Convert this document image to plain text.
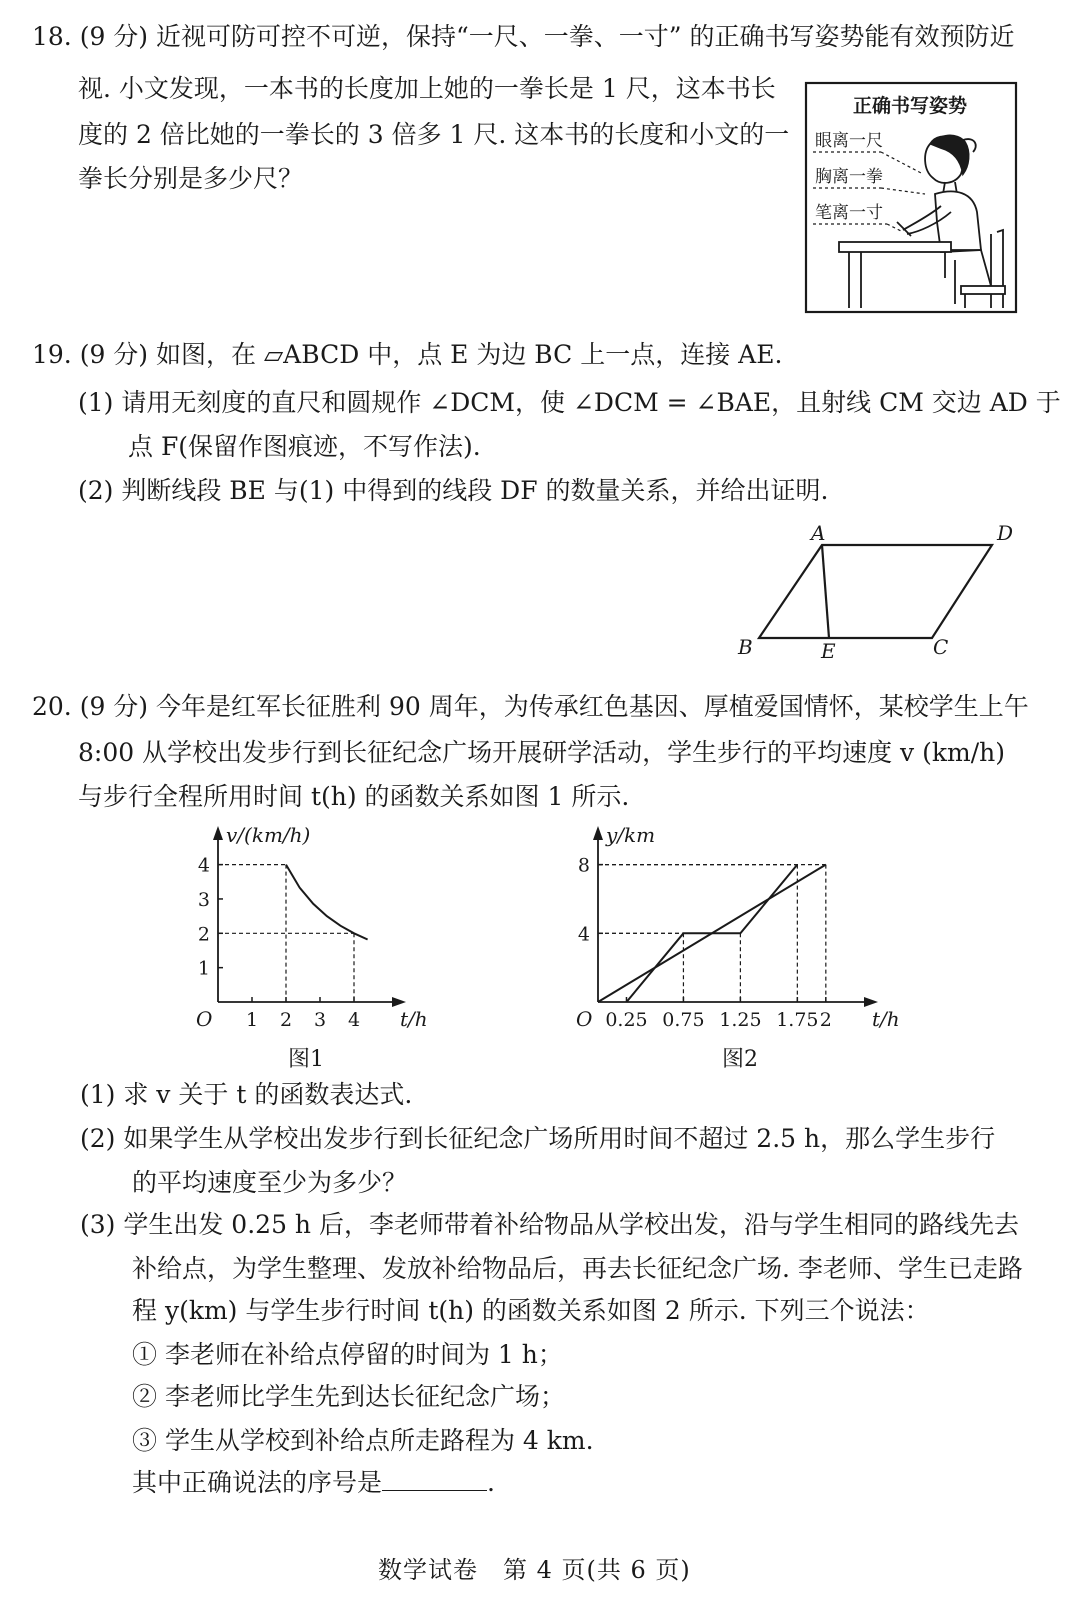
18. (9 分) 近视可防可控不可逆，保持“一尺、一拳、一寸” 的正确书写姿势能有效预防近
视. 小文发现，一本书的长度加上她的一拳长是 1 尺，这本书长
度的 2 倍比她的一拳长的 3 倍多 1 尺. 这本书的长度和小文的一
拳长分别是多少尺？
正确书写姿势
眼离一尺
胸离一拳
笔离一寸
19. (9 分) 如图，在 ▱ABCD 中，点 E 为边 BC 上一点，连接 AE.
(1) 请用无刻度的直尺和圆规作 ∠DCM，使 ∠DCM = ∠BAE，且射线 CM 交边 AD 于
点 F(保留作图痕迹，不写作法).
(2) 判断线段 BE 与(1) 中得到的线段 DF 的数量关系，并给出证明.
A	D
B	E	C
20. (9 分) 今年是红军长征胜利 90 周年，为传承红色基因、厚植爱国情怀，某校学生上午
8:00 从学校出发步行到长征纪念广场开展研学活动，学生步行的平均速度 v (km/h)
与步行全程所用时间 t(h) 的函数关系如图 1 所示.
O	t/h
v/(km/h)
1 2 3 4
1
2
3
4
图1
O	t/h
y/km
0.25 0.75 1.25 1.75 2
4
8
图2
(1) 求 v 关于 t 的函数表达式.
(2) 如果学生从学校出发步行到长征纪念广场所用时间不超过 2.5 h，那么学生步行
的平均速度至少为多少？
(3) 学生出发 0.25 h 后，李老师带着补给物品从学校出发，沿与学生相同的路线先去
补给点，为学生整理、发放补给物品后，再去长征纪念广场. 李老师、学生已走路
程 y(km) 与学生步行时间 t(h) 的函数关系如图 2 所示. 下列三个说法：
① 李老师在补给点停留的时间为 1 h；
② 李老师比学生先到达长征纪念广场；
③ 学生从学校到补给点所走路程为 4 km.
其中正确说法的序号是	.
数学试卷　第 4 页(共 6 页)
